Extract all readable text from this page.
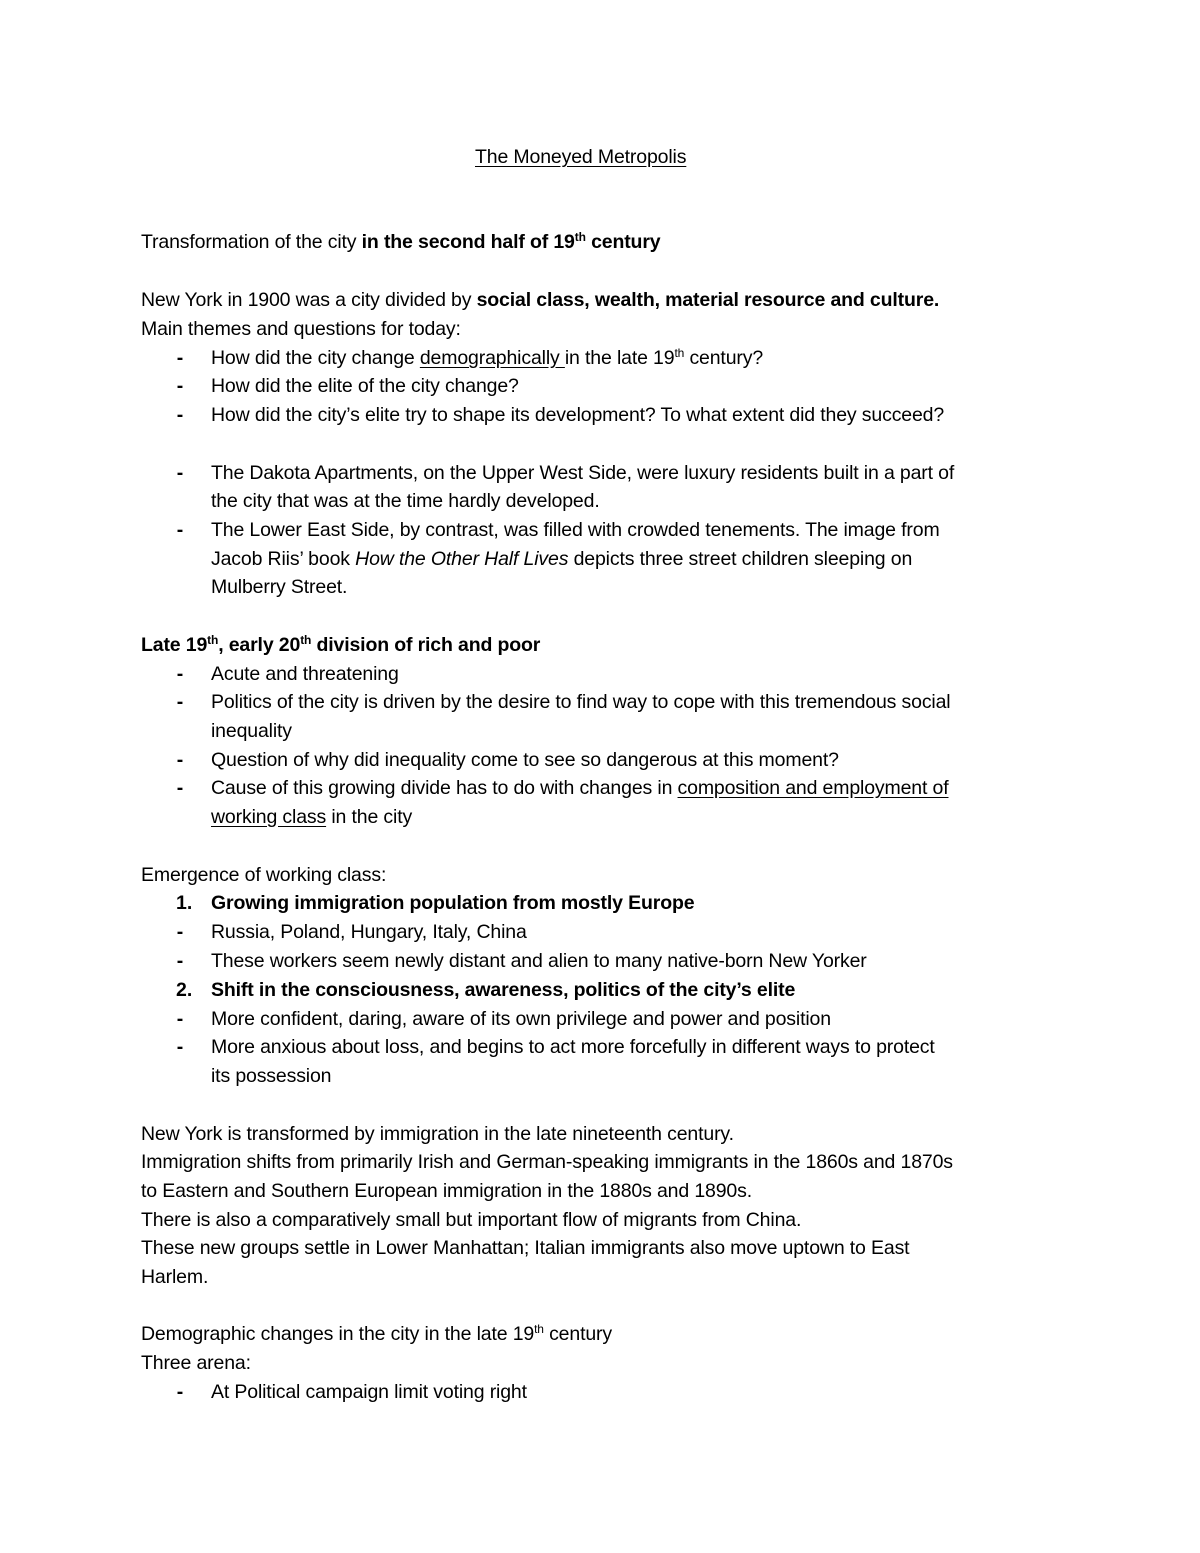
The Moneyed Metropolis
Transformation of the city in the second half of 19th century
New York in 1900 was a city divided by social class, wealth, material resource and culture.
Main themes and questions for today:
-	How did the city change demographically in the late 19th century?
-	How did the elite of the city change?
-	How did the city’s elite try to shape its development? To what extent did they succeed?
-	The Dakota Apartments, on the Upper West Side, were luxury residents built in a part of
the city that was at the time hardly developed.
-	The Lower East Side, by contrast, was filled with crowded tenements. The image from
Jacob Riis’ book How the Other Half Lives depicts three street children sleeping on
Mulberry Street.
Late 19th, early 20th division of rich and poor
-	Acute and threatening
-	Politics of the city is driven by the desire to find way to cope with this tremendous social
inequality
-	Question of why did inequality come to see so dangerous at this moment?
-	Cause of this growing divide has to do with changes in composition and employment of
working class in the city
Emergence of working class:
1. Growing immigration population from mostly Europe
-	Russia, Poland, Hungary, Italy, China
-	These workers seem newly distant and alien to many native-born New Yorker
2. Shift in the consciousness, awareness, politics of the city’s elite
-	More confident, daring, aware of its own privilege and power and position
-	More anxious about loss, and begins to act more forcefully in different ways to protect
its possession
New York is transformed by immigration in the late nineteenth century.
Immigration shifts from primarily Irish and German-speaking immigrants in the 1860s and 1870s
to Eastern and Southern European immigration in the 1880s and 1890s.
There is also a comparatively small but important flow of migrants from China.
These new groups settle in Lower Manhattan; Italian immigrants also move uptown to East
Harlem.
Demographic changes in the city in the late 19th century
Three arena:
-	At Political campaign limit voting right
